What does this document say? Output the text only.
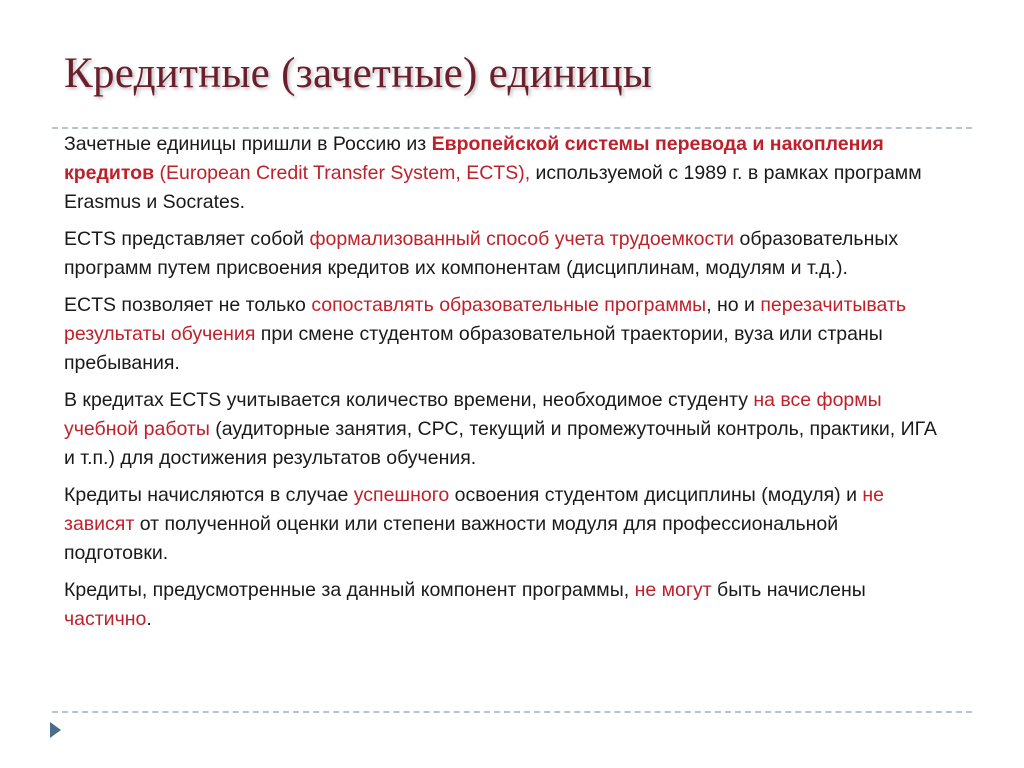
Кредитные (зачетные) единицы

Зачетные единицы пришли в Россию из Европейской системы перевода и накопления кредитов (European Credit Transfer System, ECTS), используемой с 1989 г. в рамках программ Erasmus и Socrates.

ECTS представляет собой формализованный способ учета трудоемкости образовательных программ путем присвоения кредитов их компонентам (дисциплинам, модулям и т.д.).

ECTS позволяет не только сопоставлять образовательные программы, но и перезачитывать результаты обучения при смене студентом образовательной траектории, вуза или страны пребывания.

В кредитах ECTS учитывается количество времени, необходимое студенту на все формы учебной работы (аудиторные занятия, СРС, текущий и промежуточный контроль, практики, ИГА и т.п.) для достижения результатов обучения.

Кредиты начисляются в случае успешного освоения студентом дисциплины (модуля) и не зависят от полученной оценки или степени важности модуля для профессиональной подготовки.

Кредиты, предусмотренные за данный компонент программы, не могут быть начислены частично.
